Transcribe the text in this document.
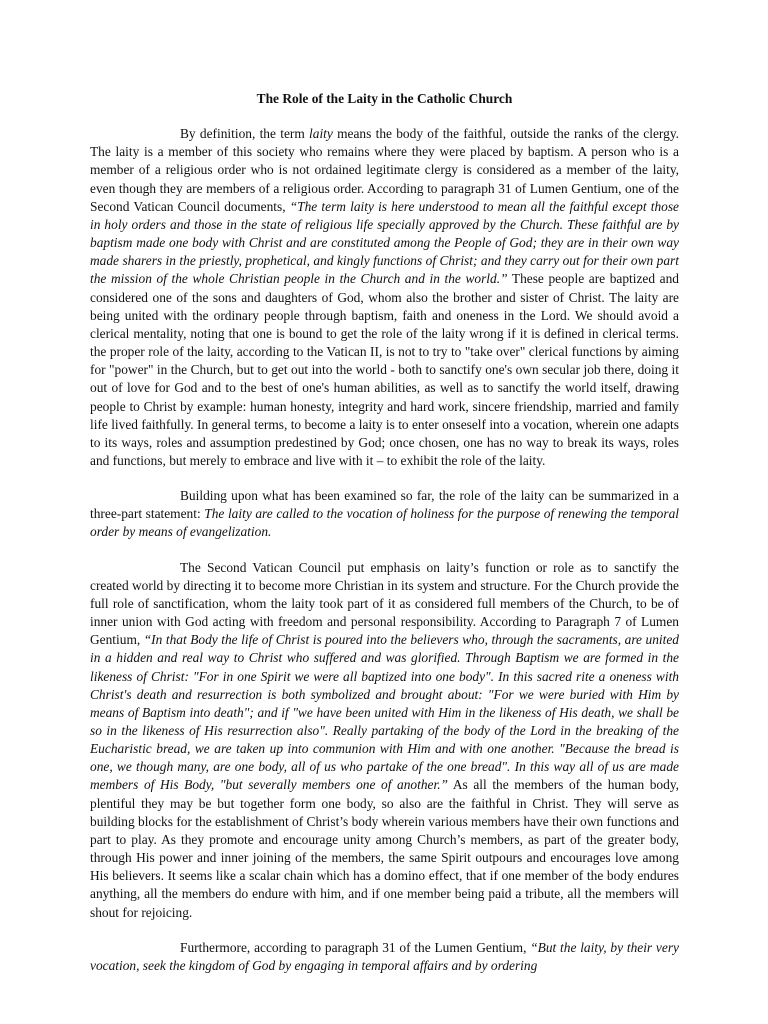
The Role of the Laity in the Catholic Church

By definition, the term laity means the body of the faithful, outside the ranks of the clergy. The laity is a member of this society who remains where they were placed by baptism. A person who is a member of a religious order who is not ordained legitimate clergy is considered as a member of the laity, even though they are members of a religious order. According to paragraph 31 of Lumen Gentium, one of the Second Vatican Council documents, “The term laity is here understood to mean all the faithful except those in holy orders and those in the state of religious life specially approved by the Church. These faithful are by baptism made one body with Christ and are constituted among the People of God; they are in their own way made sharers in the priestly, prophetical, and kingly functions of Christ; and they carry out for their own part the mission of the whole Christian people in the Church and in the world.” These people are baptized and considered one of the sons and daughters of God, whom also the brother and sister of Christ. The laity are being united with the ordinary people through baptism, faith and oneness in the Lord. We should avoid a clerical mentality, noting that one is bound to get the role of the laity wrong if it is defined in clerical terms. the proper role of the laity, according to the Vatican II, is not to try to "take over" clerical functions by aiming for "power" in the Church, but to get out into the world - both to sanctify one's own secular job there, doing it out of love for God and to the best of one's human abilities, as well as to sanctify the world itself, drawing people to Christ by example: human honesty, integrity and hard work, sincere friendship, married and family life lived faithfully. In general terms, to become a laity is to enter onseself into a vocation, wherein one adapts to its ways, roles and assumption predestined by God; once chosen, one has no way to break its ways, roles and functions, but merely to embrace and live with it – to exhibit the role of the laity.

Building upon what has been examined so far, the role of the laity can be summarized in a three-part statement: The laity are called to the vocation of holiness for the purpose of renewing the temporal order by means of evangelization.

The Second Vatican Council put emphasis on laity’s function or role as to sanctify the created world by directing it to become more Christian in its system and structure. For the Church provide the full role of sanctification, whom the laity took part of it as considered full members of the Church, to be of inner union with God acting with freedom and personal responsibility. According to Paragraph 7 of Lumen Gentium, “In that Body the life of Christ is poured into the believers who, through the sacraments, are united in a hidden and real way to Christ who suffered and was glorified. Through Baptism we are formed in the likeness of Christ: "For in one Spirit we were all baptized into one body". In this sacred rite a oneness with Christ's death and resurrection is both symbolized and brought about: "For we were buried with Him by means of Baptism into death"; and if "we have been united with Him in the likeness of His death, we shall be so in the likeness of His resurrection also". Really partaking of the body of the Lord in the breaking of the Eucharistic bread, we are taken up into communion with Him and with one another. "Because the bread is one, we though many, are one body, all of us who partake of the one bread". In this way all of us are made members of His Body, "but severally members one of another.” As all the members of the human body, plentiful they may be but together form one body, so also are the faithful in Christ. They will serve as building blocks for the establishment of Christ’s body wherein various members have their own functions and part to play. As they promote and encourage unity among Church’s members, as part of the greater body, through His power and inner joining of the members, the same Spirit outpours and encourages love among His believers. It seems like a scalar chain which has a domino effect, that if one member of the body endures anything, all the members do endure with him, and if one member being paid a tribute, all the members will shout for rejoicing.

Furthermore, according to paragraph 31 of the Lumen Gentium, “But the laity, by their very vocation, seek the kingdom of God by engaging in temporal affairs and by ordering
